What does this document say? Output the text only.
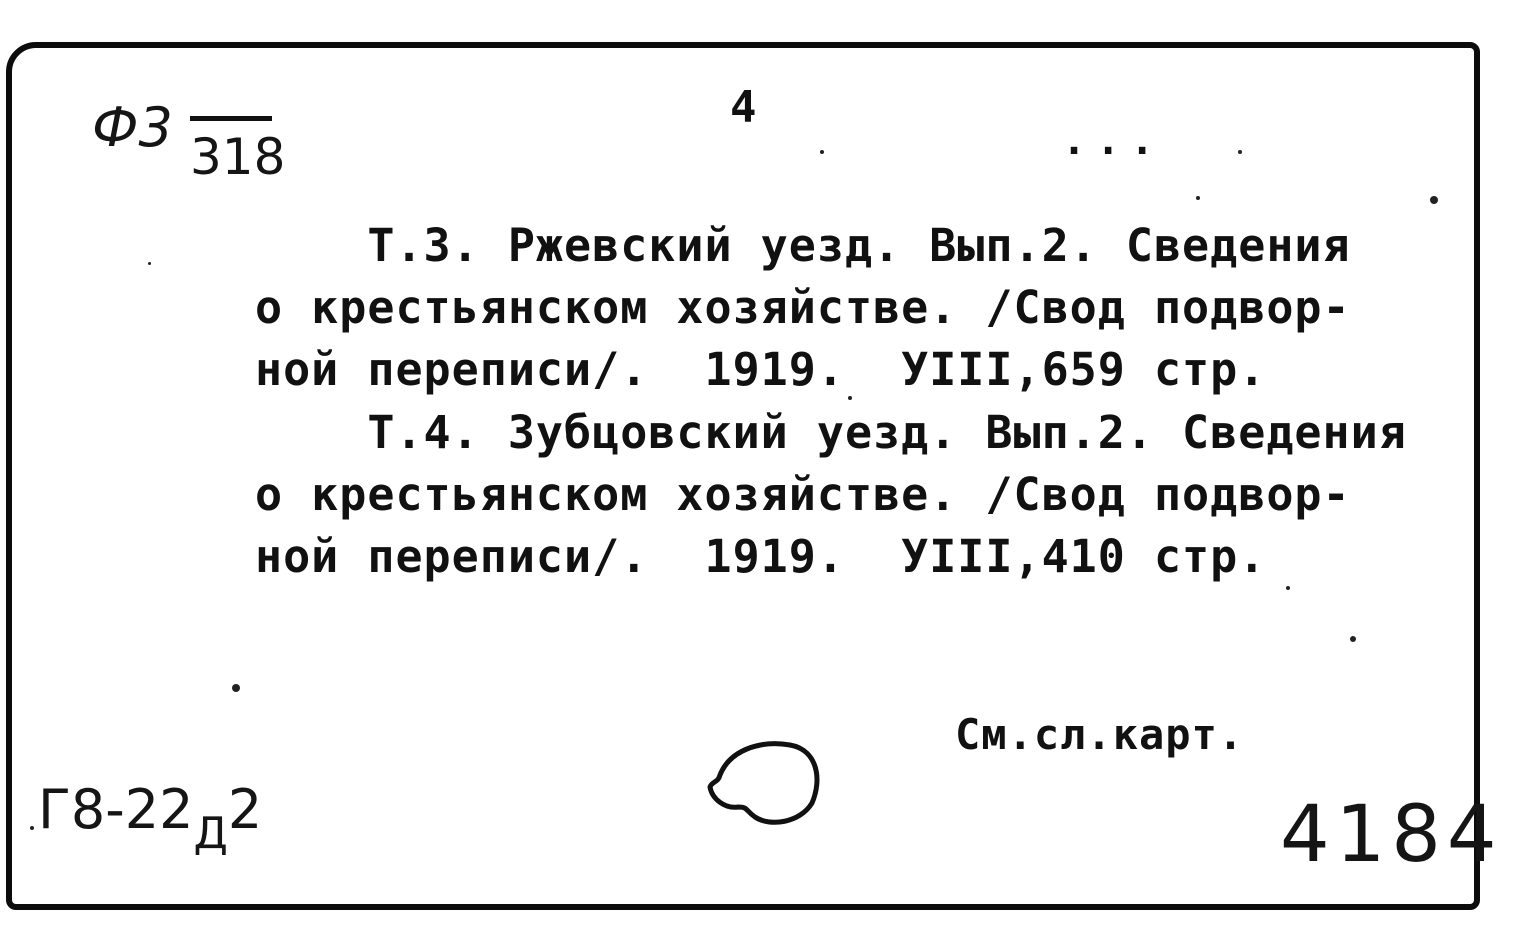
Ф3 318
4
...
Т.3. Ржевский уезд. Вып.2. Сведения
о крестьянском хозяйстве. /Свод подвор-
ной переписи/.  1919.  УIII,659 стр.
Т.4. Зубцовский уезд. Вып.2. Сведения
о крестьянском хозяйстве. /Свод подвор-
ной переписи/.  1919.  УIII,410 стр.
См.сл.карт.
Г8-22Д2	4184
